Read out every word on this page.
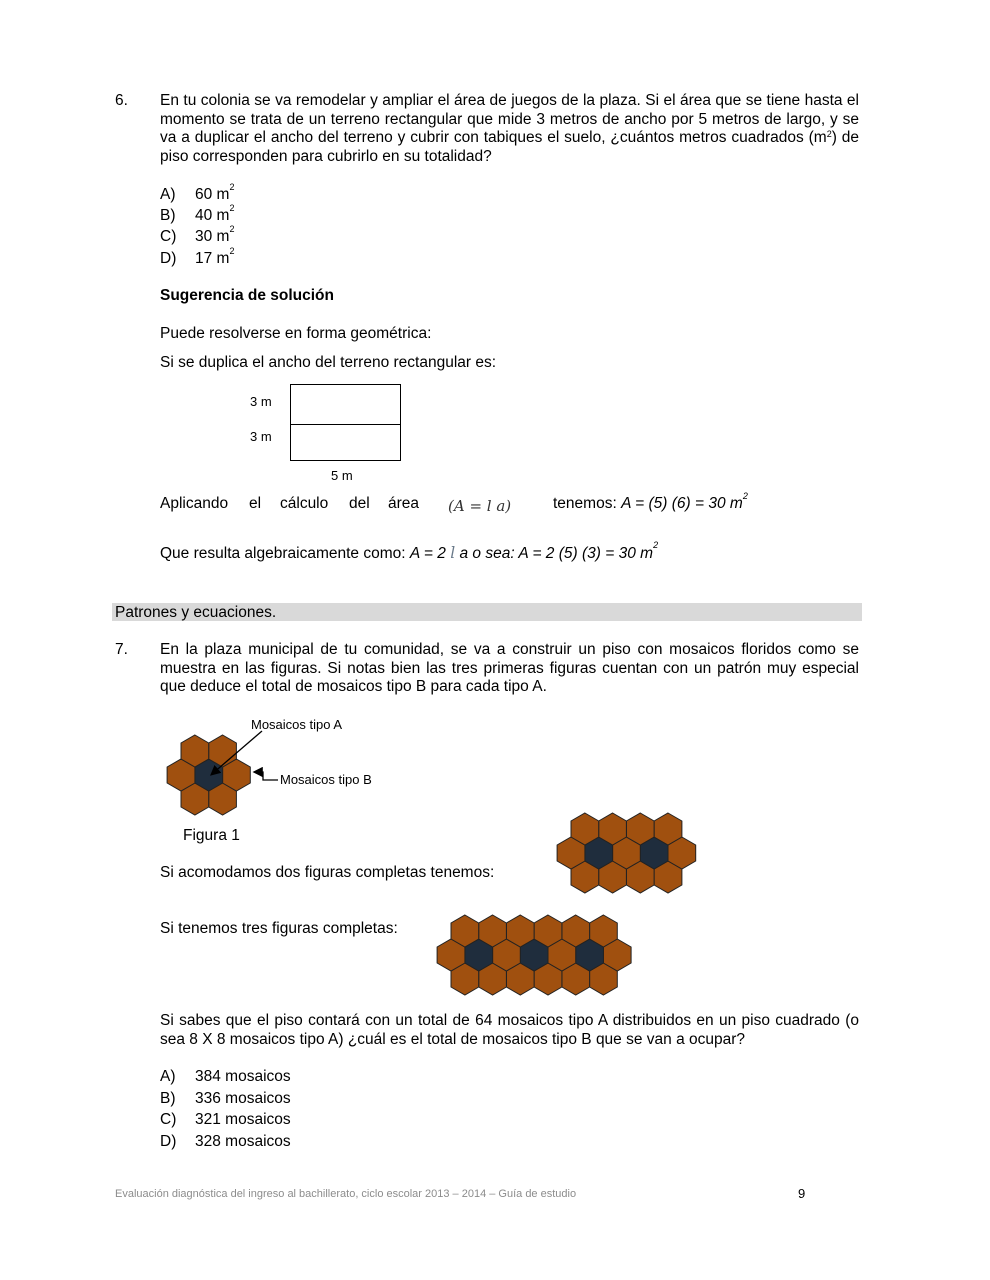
6. En tu colonia se va remodelar y ampliar el área de juegos de la plaza. Si el área que se tiene hasta el momento se trata de un terreno rectangular que mide 3 metros de ancho por 5 metros de largo, y se va a duplicar el ancho del terreno y cubrir con tabiques el suelo, ¿cuántos metros cuadrados $(m^2)$ de piso corresponden para cubrirlo en su totalidad?
A) 60 $m^2$
B) 40 $m^2$
C) 30 $m^2$
D) 17 $m^2$
Sugerencia de solución
Puede resolverse en forma geométrica:
Si se duplica el ancho del terreno rectangular es:
3 m
3 m
5 m
Aplicando el cálculo del área (A = l a)	tenemos: A = (5) (6) = 30 $m^2$
Que resulta algebraicamente como: A = 2 l a o sea: A = 2 (5) (3) = 30 $m^2$
Patrones y ecuaciones.
7. En la plaza municipal de tu comunidad, se va a construir un piso con mosaicos floridos como se muestra en las figuras. Si notas bien las tres primeras figuras cuentan con un patrón muy especial que deduce el total de mosaicos tipo B para cada tipo A.
Mosaicos tipo A
Mosaicos tipo B
Figura 1
Si acomodamos dos figuras completas tenemos:
Si tenemos tres figuras completas:
Si sabes que el piso contará con un total de 64 mosaicos tipo A distribuidos en un piso cuadrado (o sea 8 X 8 mosaicos tipo A) ¿cuál es el total de mosaicos tipo B que se van a ocupar?
A) 384 mosaicos
B) 336 mosaicos
C) 321 mosaicos
D) 328 mosaicos
Evaluación diagnóstica del ingreso al bachillerato, ciclo escolar 2013 – 2014 – Guía de estudio	9
